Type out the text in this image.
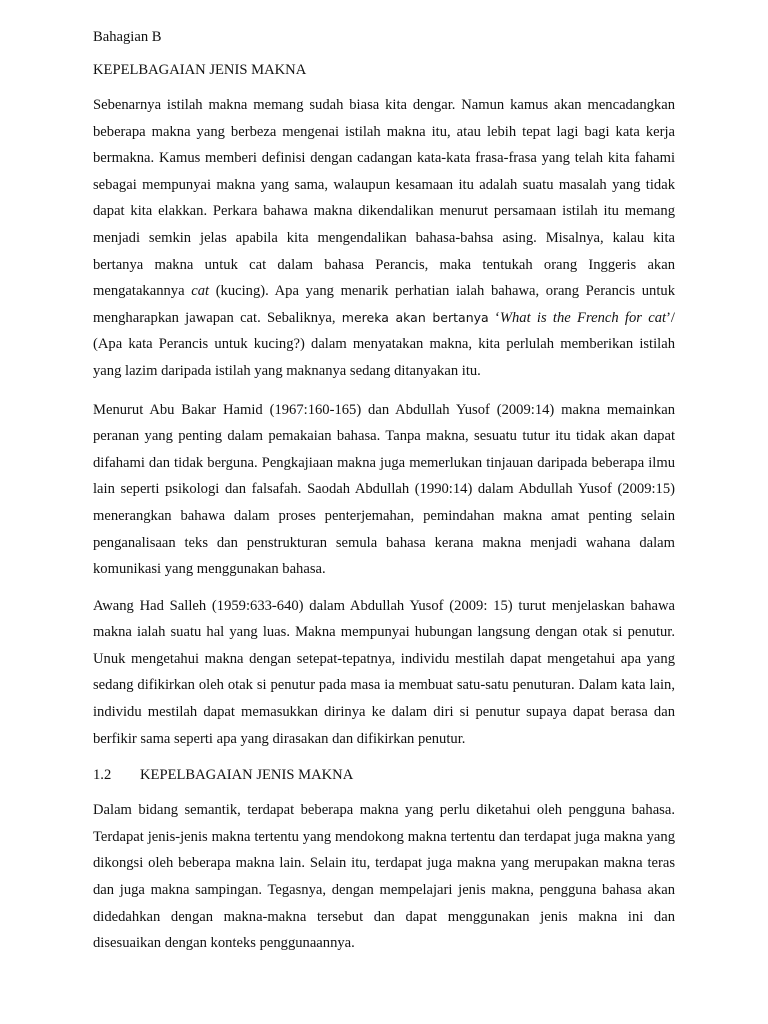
Bahagian B

KEPELBAGAIAN JENIS MAKNA

Sebenarnya istilah makna memang sudah biasa kita dengar. Namun kamus akan mencadangkan beberapa makna yang berbeza mengenai istilah makna itu, atau lebih tepat lagi bagi kata kerja bermakna. Kamus memberi definisi dengan cadangan kata-kata frasa-frasa yang telah kita fahami sebagai mempunyai makna yang sama, walaupun kesamaan itu adalah suatu masalah yang tidak dapat kita elakkan. Perkara bahawa makna dikendalikan menurut persamaan istilah itu memang menjadi semkin jelas apabila kita mengendalikan bahasa-bahsa asing. Misalnya, kalau kita bertanya makna untuk cat dalam bahasa Perancis, maka tentukah orang Inggeris akan mengatakannya cat (kucing). Apa yang menarik perhatian ialah bahawa, orang Perancis untuk mengharapkan jawapan cat. Sebaliknya, mereka akan bertanya ‘What is the French for cat’/ (Apa kata Perancis untuk kucing?) dalam menyatakan makna, kita perlulah memberikan istilah yang lazim daripada istilah yang maknanya sedang ditanyakan itu.

Menurut Abu Bakar Hamid (1967:160-165) dan Abdullah Yusof (2009:14) makna memainkan peranan yang penting dalam pemakaian bahasa. Tanpa makna, sesuatu tutur itu tidak akan dapat difahami dan tidak berguna. Pengkajiaan makna juga memerlukan tinjauan daripada beberapa ilmu lain seperti psikologi dan falsafah. Saodah Abdullah (1990:14) dalam Abdullah Yusof (2009:15) menerangkan bahawa dalam proses penterjemahan, pemindahan makna amat penting selain penganalisaan teks dan penstrukturan semula bahasa kerana makna menjadi wahana dalam komunikasi yang menggunakan bahasa.

Awang Had Salleh (1959:633-640) dalam Abdullah Yusof (2009: 15) turut menjelaskan bahawa makna ialah suatu hal yang luas. Makna mempunyai hubungan langsung dengan otak si penutur. Unuk mengetahui makna dengan setepat-tepatnya, individu mestilah dapat mengetahui apa yang sedang difikirkan oleh otak si penutur pada masa ia membuat satu-satu penuturan. Dalam kata lain, individu mestilah dapat memasukkan dirinya ke dalam diri si penutur supaya dapat berasa dan berfikir sama seperti apa yang dirasakan dan difikirkan penutur.

1.2 KEPELBAGAIAN JENIS MAKNA

Dalam bidang semantik, terdapat beberapa makna yang perlu diketahui oleh pengguna bahasa. Terdapat jenis-jenis makna tertentu yang mendokong makna tertentu dan terdapat juga makna yang dikongsi oleh beberapa makna lain. Selain itu, terdapat juga makna yang merupakan makna teras dan juga makna sampingan. Tegasnya, dengan mempelajari jenis makna, pengguna bahasa akan didedahkan dengan makna-makna tersebut dan dapat menggunakan jenis makna ini dan disesuaikan dengan konteks penggunaannya.
